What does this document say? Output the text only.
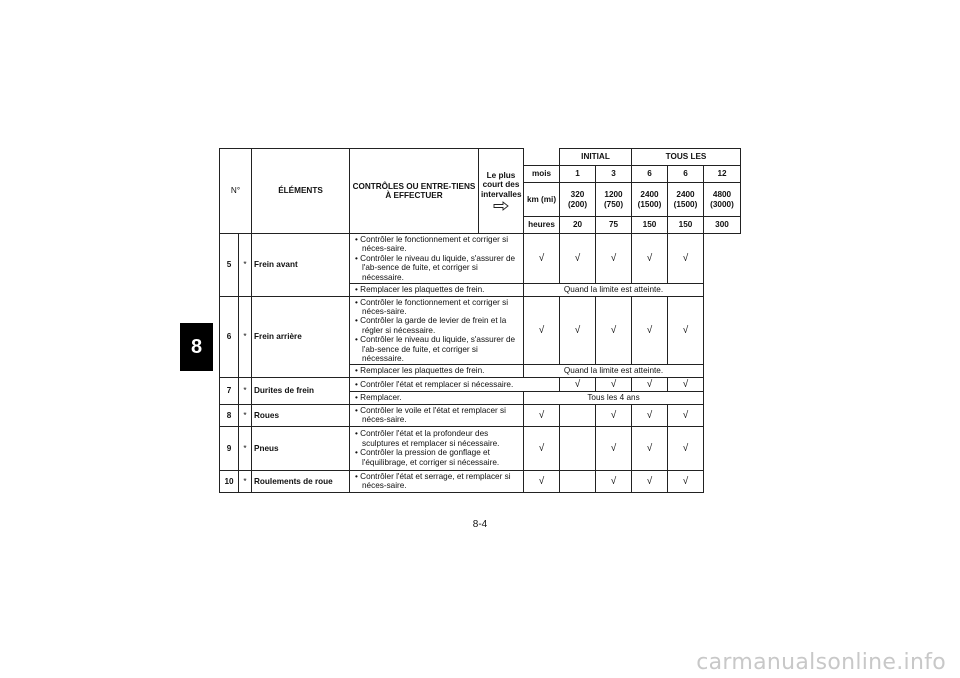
8
N°		ÉLÉMENTS	CONTRÔLES OU ENTRE-TIENS À EFFECTUER	Le plus court des intervalles		INITIAL		TOUS LES		
					mois	1	3	6	6	12
					km (mi)	320 (200)	1200 (750)	2400 (1500)	2400 (1500)	4800 (3000)
					heures	20	75	150	150	300
5	*	Frein avant	• Contrôler le fonctionnement et corriger si néces-saire.
• Contrôler le niveau du liquide, s'assurer de l'ab-sence de fuite, et corriger si nécessaire.		√	√	√	√	√	

			• Remplacer les plaquettes de frein.		Quand la limite est atteinte.					
6	*	Frein arrière	• Contrôler le fonctionnement et corriger si néces-saire.
• Contrôler la garde de levier de frein et la régler si nécessaire.
• Contrôler le niveau du liquide, s'assurer de l'ab-sence de fuite, et corriger si nécessaire.		√	√	√	√	√	

			• Remplacer les plaquettes de frein.		Quand la limite est atteinte.					
7	*	Durites de frein	• Contrôler l'état et remplacer si nécessaire.			√	√	√	√	

			• Remplacer.		Tous les 4 ans					
8	*	Roues	• Contrôler le voile et l'état et remplacer si néces-saire.		√		√	√	√	
9	*	Pneus	• Contrôler l'état et la profondeur des sculptures et remplacer si nécessaire.
• Contrôler la pression de gonflage et l'équilibrage, et corriger si nécessaire.		√		√	√	√	
10	*	Roulements de roue	• Contrôler l'état et serrage, et remplacer si néces-saire.		√		√	√	√	
8-4
carmanualsonline.info
